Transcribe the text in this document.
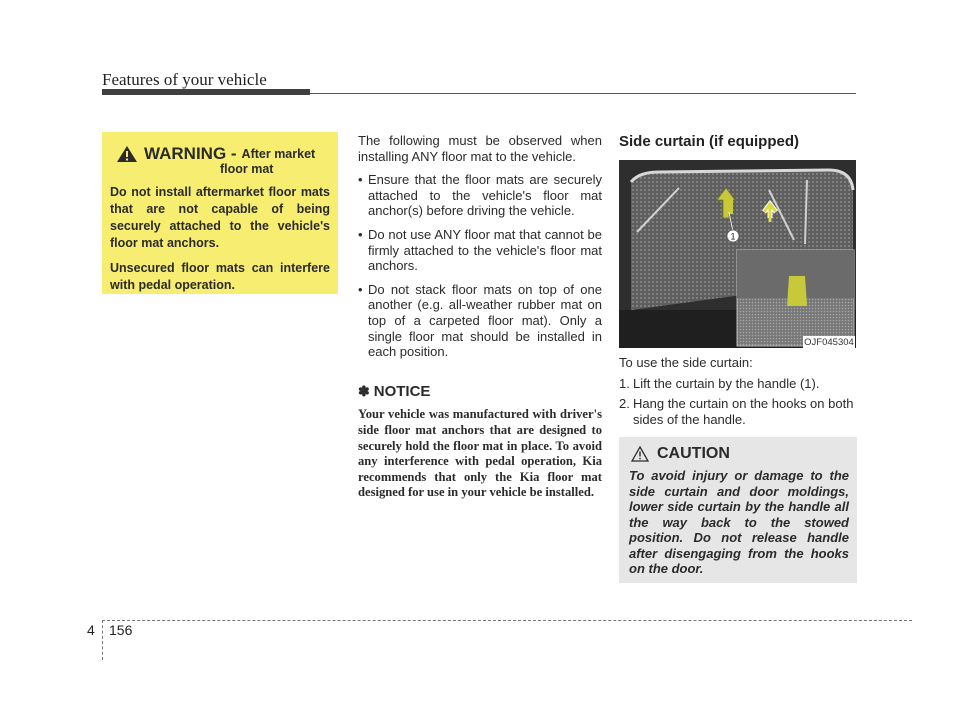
Features of your vehicle
WARNING - After market
floor mat

Do not install aftermarket floor mats that are not capable of being securely attached to the vehicle's floor mat anchors.

Unsecured floor mats can interfere with pedal operation.

The following must be observed when installing ANY floor mat to the vehicle.

• Ensure that the floor mats are securely attached to the vehicle's floor mat anchor(s) before driving the vehicle.
• Do not use ANY floor mat that cannot be firmly attached to the vehicle's floor mat anchors.
• Do not stack floor mats on top of one another (e.g. all-weather rubber mat on top of a carpeted floor mat). Only a single floor mat should be installed in each position.
✽ NOTICE
Your vehicle was manufactured with driver's side floor mat anchors that are designed to securely hold the floor mat in place. To avoid any interference with pedal operation, Kia recommends that only the Kia floor mat designed for use in your vehicle be installed.
Side curtain (if equipped)
1
OJF045304

To use the side curtain:

1. Lift the curtain by the handle (1).
2. Hang the curtain on the hooks on both sides of the handle.
CAUTION
To avoid injury or damage to the side curtain and door moldings, lower side curtain by the handle all the way back to the stowed position. Do not release handle after disengaging from the hooks on the door.
4 156
